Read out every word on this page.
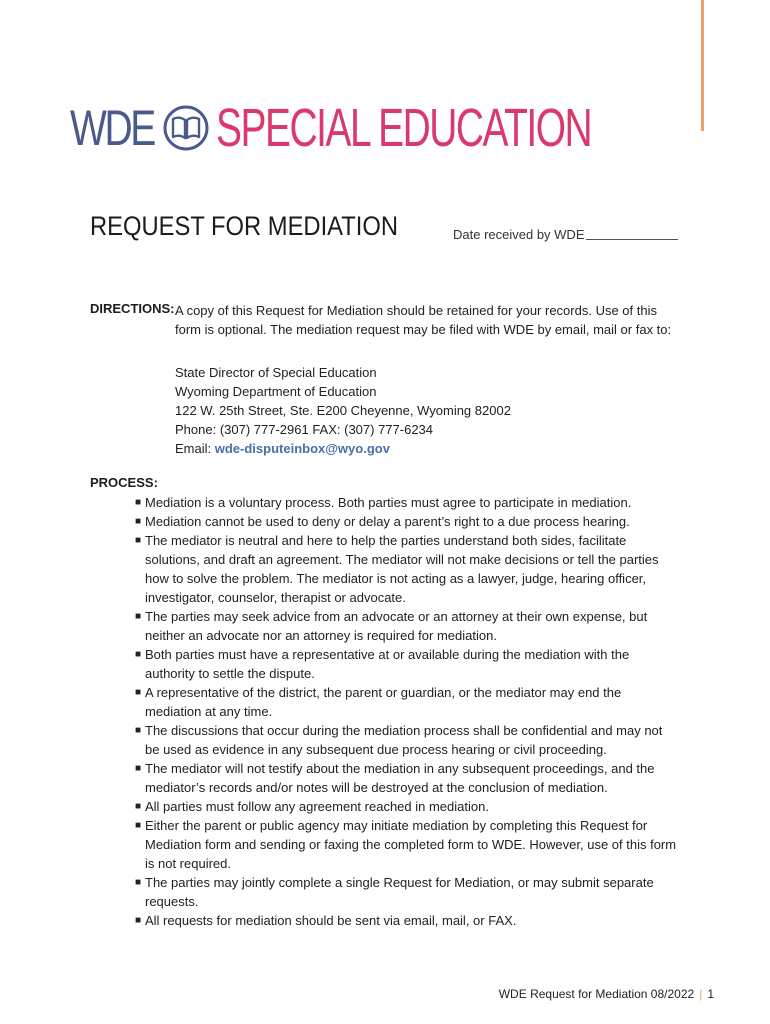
WDE SPECIAL EDUCATION
REQUEST FOR MEDIATION	Date received by WDE
DIRECTIONS: A copy of this Request for Mediation should be retained for your records. Use of this form is optional. The mediation request may be filed with WDE by email, mail or fax to:
State Director of Special Education
Wyoming Department of Education
122 W. 25th Street, Ste. E200 Cheyenne, Wyoming 82002
Phone: (307) 777-2961 FAX: (307) 777-6234
Email: wde-disputeinbox@wyo.gov
PROCESS:
■ Mediation is a voluntary process. Both parties must agree to participate in mediation.
■ Mediation cannot be used to deny or delay a parent’s right to a due process hearing.
■ The mediator is neutral and here to help the parties understand both sides, facilitate solutions, and draft an agreement. The mediator will not make decisions or tell the parties how to solve the problem. The mediator is not acting as a lawyer, judge, hearing officer, investigator, counselor, therapist or advocate.
■ The parties may seek advice from an advocate or an attorney at their own expense, but neither an advocate nor an attorney is required for mediation.
■ Both parties must have a representative at or available during the mediation with the authority to settle the dispute.
■ A representative of the district, the parent or guardian, or the mediator may end the mediation at any time.
■ The discussions that occur during the mediation process shall be confidential and may not be used as evidence in any subsequent due process hearing or civil proceeding.
■ The mediator will not testify about the mediation in any subsequent proceedings, and the mediator’s records and/or notes will be destroyed at the conclusion of mediation.
■ All parties must follow any agreement reached in mediation.
■ Either the parent or public agency may initiate mediation by completing this Request for Mediation form and sending or faxing the completed form to WDE. However, use of this form is not required.
■ The parties may jointly complete a single Request for Mediation, or may submit separate requests.
■ All requests for mediation should be sent via email, mail, or FAX.
WDE Request for Mediation 08/2022 | 1
